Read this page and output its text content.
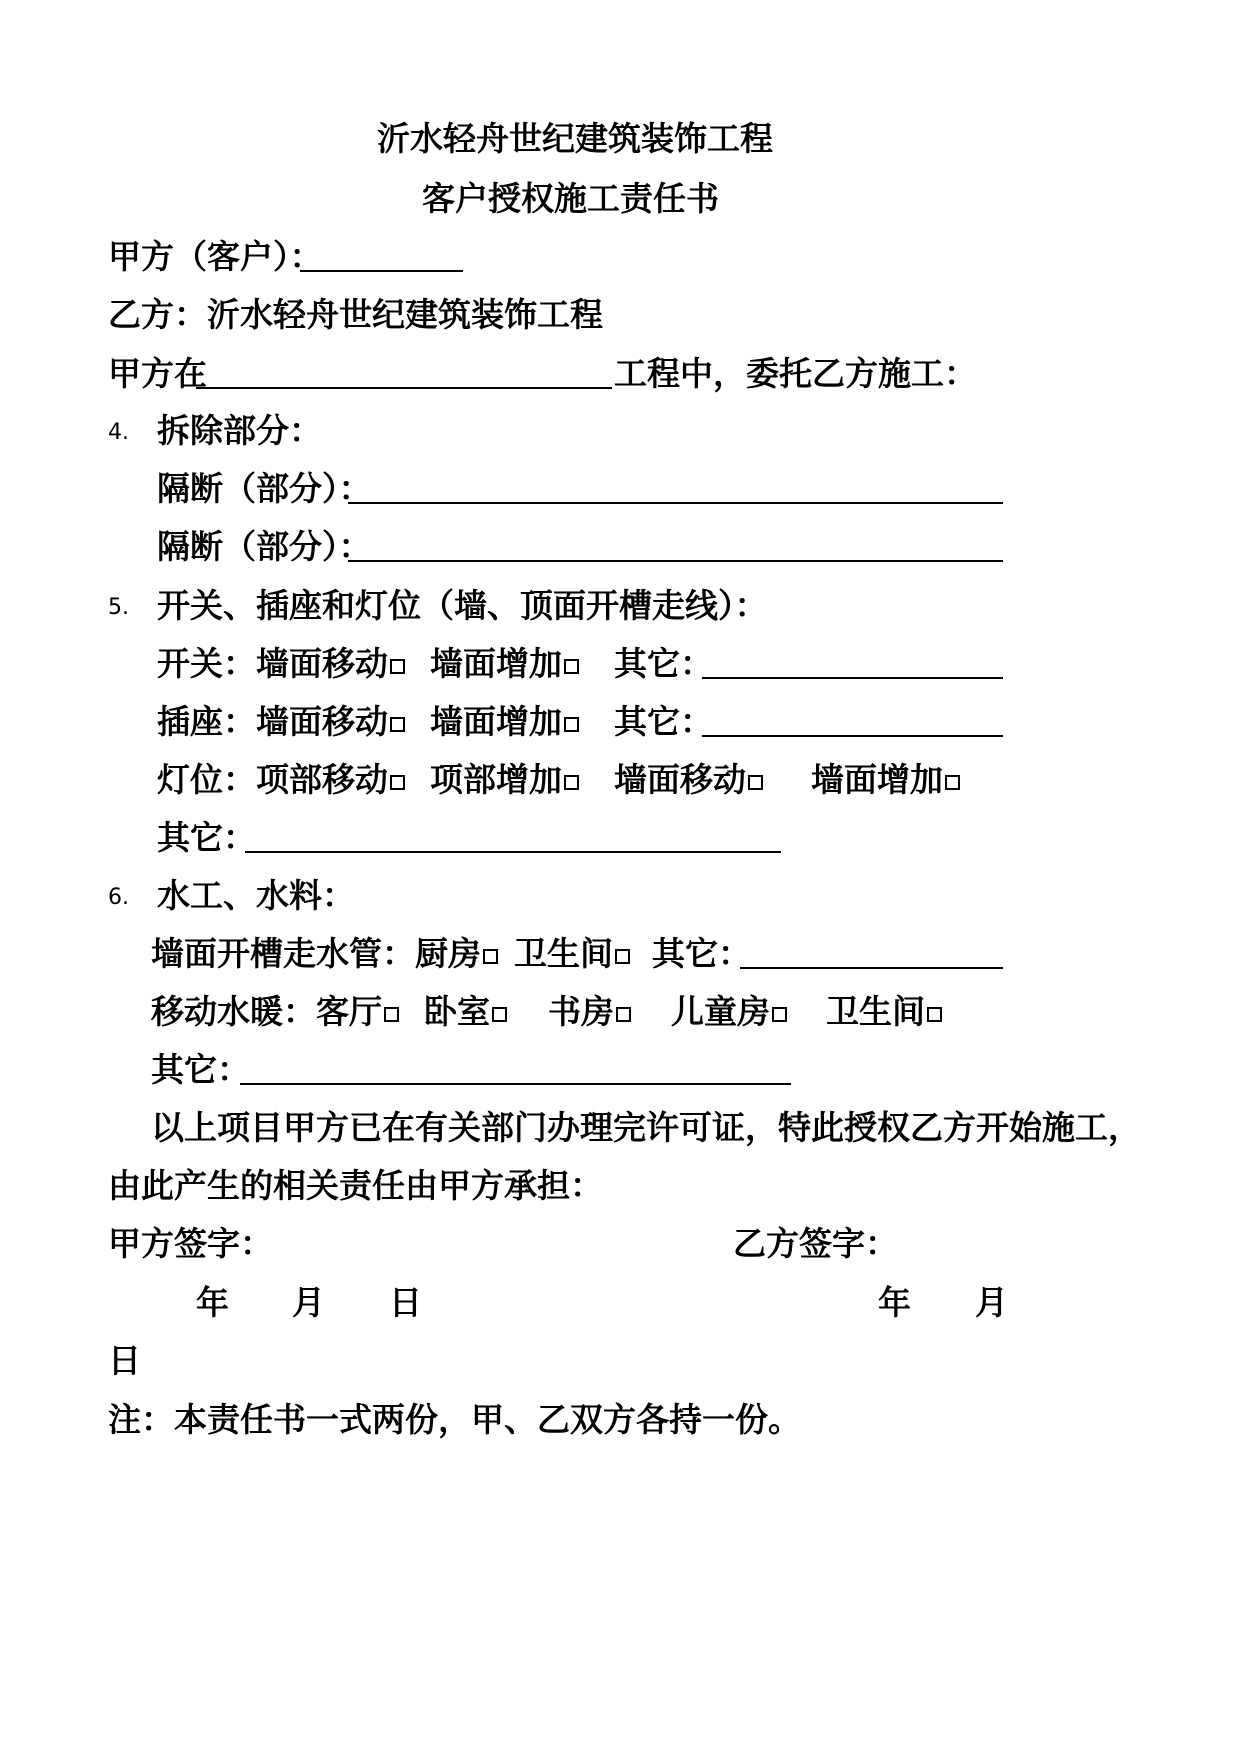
沂水轻舟世纪建筑装饰工程
客户授权施工责任书
甲方（客户）：
乙方：沂水轻舟世纪建筑装饰工程
甲方在	工程中，委托乙方施工：
4. 拆除部分：
隔断（部分）：
隔断（部分）：
5. 开关、插座和灯位（墙、顶面开槽走线）：
开关：墙面移动	墙面增加	其它：
插座：墙面移动	墙面增加	其它：
灯位：项部移动	项部增加	墙面移动	墙面增加
其它：
6. 水工、水料：
墙面开槽走水管：厨房	卫生间	其它：
移动水暖：客厅	卧室	书房	儿童房	卫生间
其它：
以上项目甲方已在有关部门办理完许可证，特此授权乙方开始施工，
由此产生的相关责任由甲方承担：
甲方签字：	乙方签字：
年 月 日	年 月
日
注：本责任书一式两份，甲、乙双方各持一份。
